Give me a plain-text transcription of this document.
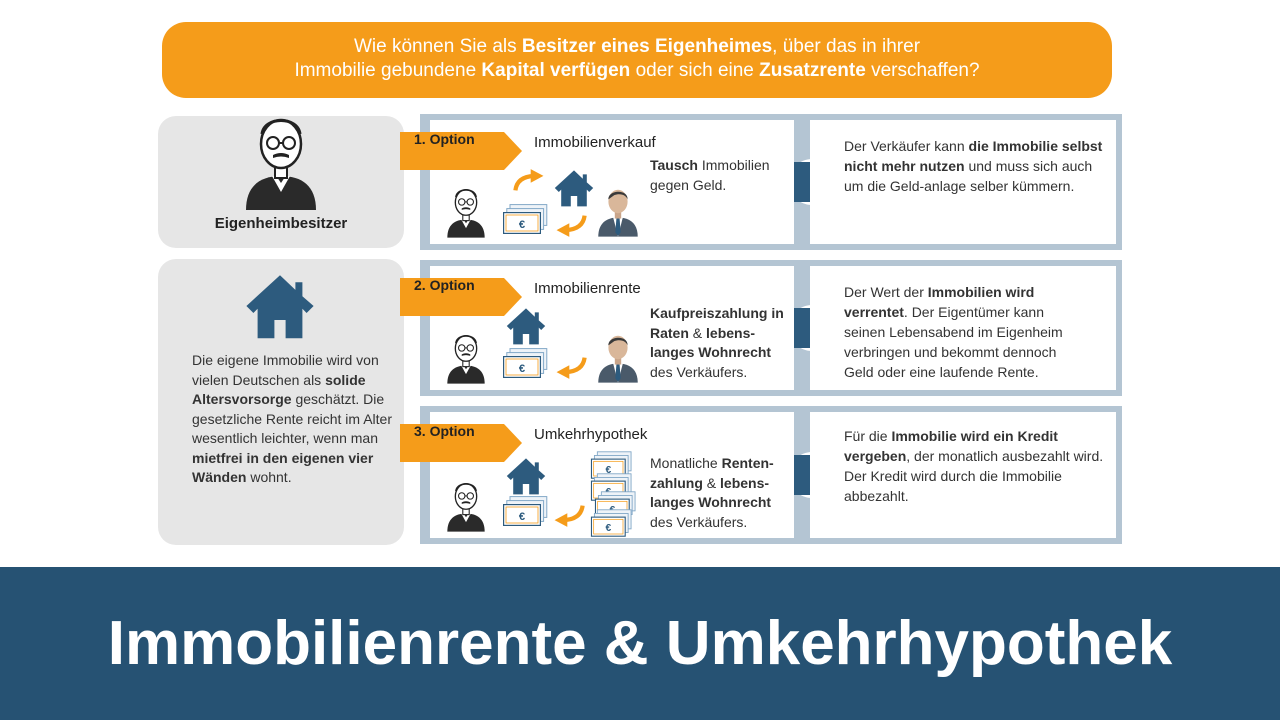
Wie können Sie als Besitzer eines Eigenheimes, über das in ihrer
Immobilie gebundene Kapital verfügen oder sich eine Zusatzrente verschaffen?
Eigenheimbesitzer
Die eigene Immobilie wird von vielen Deutschen als solide Altersvorsorge geschätzt. Die gesetzliche Rente reicht im Alter wesentlich leichter, wenn man mietfrei in den eigenen vier Wänden wohnt.
1. Option	Immobilienverkauf
Tausch Immobilien
gegen Geld.
Der Verkäufer kann die Immobilie selbst nicht mehr nutzen und muss sich auch um die Geld-anlage selber kümmern.
2. Option	Immobilienrente
Kaufpreiszahlung in Raten & lebens-langes Wohnrecht
des Verkäufers.
Der Wert der Immobilien wird verrentet. Der Eigentümer kann seinen Lebensabend im Eigenheim verbringen und bekommt dennoch Geld oder eine laufende Rente.
3. Option	Umkehrhypothek
Monatliche Renten-zahlung & lebens-langes Wohnrecht
des Verkäufers.
Für die Immobilie wird ein Kredit vergeben, der monatlich ausbezahlt wird. Der Kredit wird durch die Immobilie abbezahlt.
Immobilienrente & Umkehrhypothek
